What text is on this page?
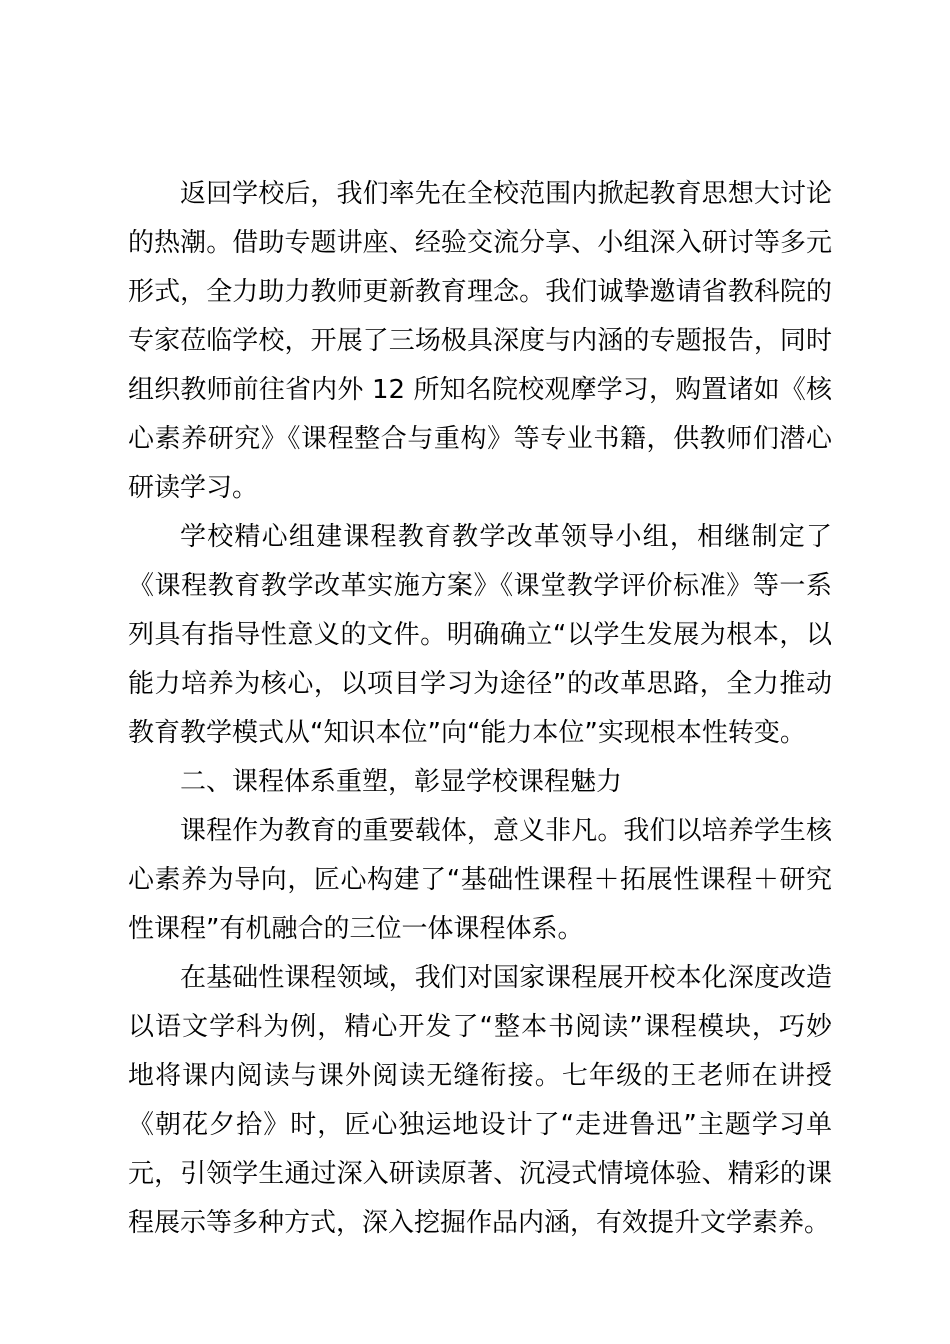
返回学校后，我们率先在全校范围内掀起教育思想大讨论
的热潮。借助专题讲座、经验交流分享、小组深入研讨等多元
形式，全力助力教师更新教育理念。我们诚挚邀请省教科院的
专家莅临学校，开展了三场极具深度与内涵的专题报告，同时
组织教师前往省内外 12 所知名院校观摩学习，购置诸如《核
心素养研究》《课程整合与重构》等专业书籍，供教师们潜心
研读学习。
学校精心组建课程教育教学改革领导小组，相继制定了
《课程教育教学改革实施方案》《课堂教学评价标准》等一系
列具有指导性意义的文件。明确确立“以学生发展为根本，以
能力培养为核心，以项目学习为途径”的改革思路，全力推动
教育教学模式从“知识本位”向“能力本位”实现根本性转变。
二、课程体系重塑，彰显学校课程魅力
课程作为教育的重要载体，意义非凡。我们以培养学生核
心素养为导向，匠心构建了“基础性课程＋拓展性课程＋研究
性课程”有机融合的三位一体课程体系。
在基础性课程领域，我们对国家课程展开校本化深度改造
以语文学科为例，精心开发了“整本书阅读”课程模块，巧妙
地将课内阅读与课外阅读无缝衔接。七年级的王老师在讲授
《朝花夕拾》时，匠心独运地设计了“走进鲁迅”主题学习单
元，引领学生通过深入研读原著、沉浸式情境体验、精彩的课
程展示等多种方式，深入挖掘作品内涵，有效提升文学素养。
